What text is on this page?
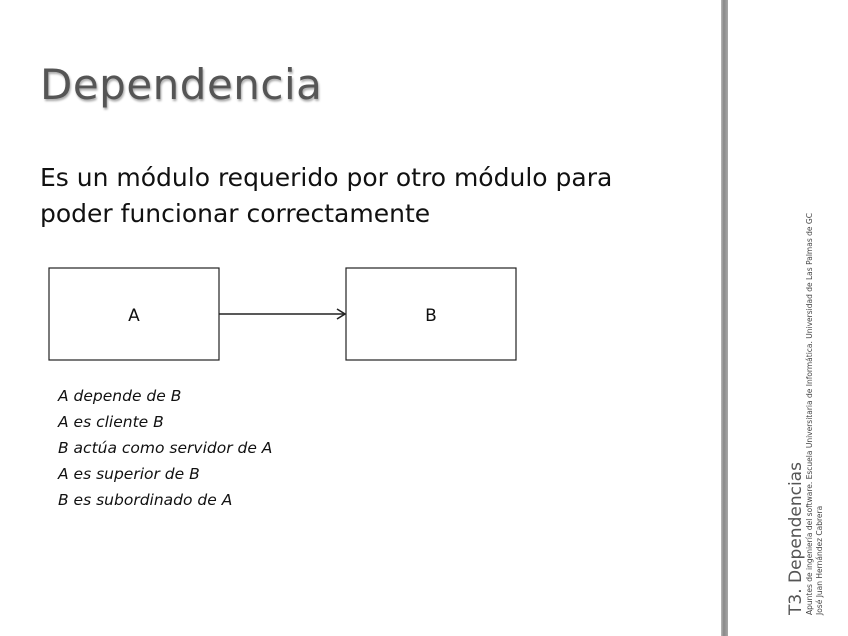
Dependencia
Es un módulo requerido por otro módulo para
poder funcionar correctamente
A	B
A depende de B
A es cliente B
B actúa como servidor de A
A es superior de B
B es subordinado de A	T3. Dependencias Apuntes de ingeniería del software. Escuela Universitaria de Informática. Universidad de Las Palmas de GC José Juan Hernández Cabrera
